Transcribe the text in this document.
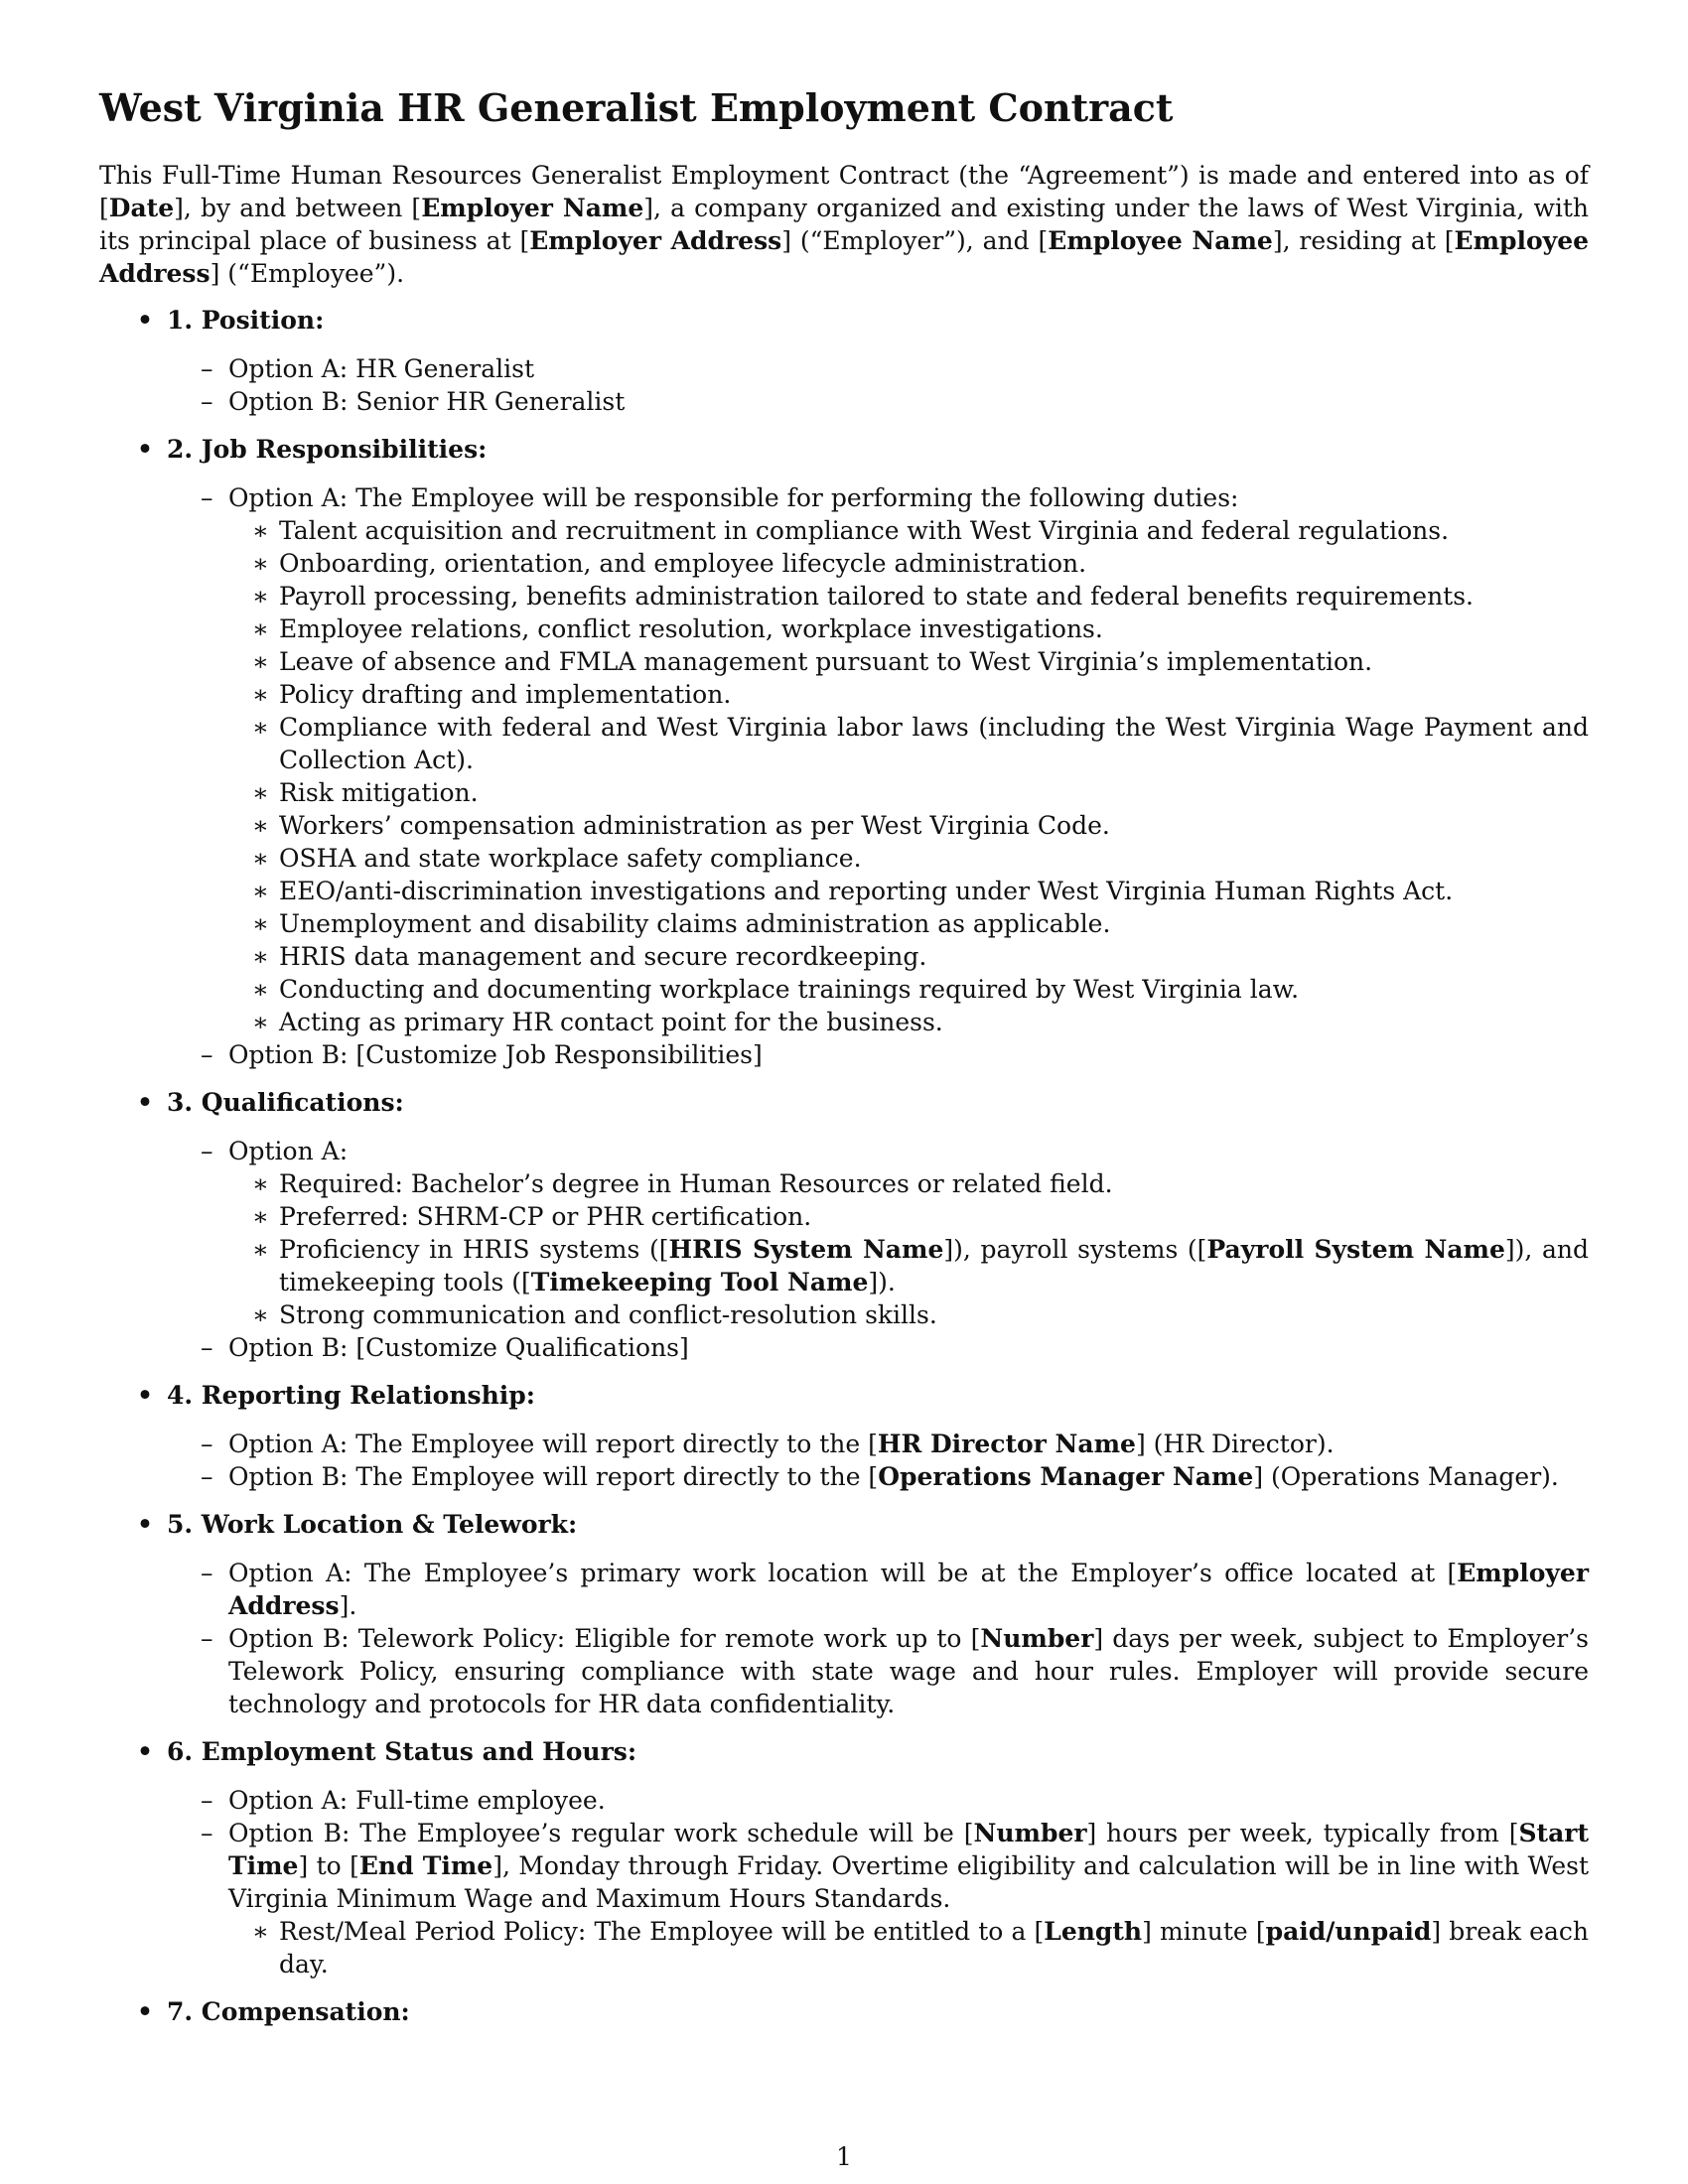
West Virginia HR Generalist Employment Contract

This Full-Time Human Resources Generalist Employment Contract (the “Agreement”) is made and entered into as of [Date], by and between [Employer Name], a company organized and existing under the laws of West Virginia, with its principal place of business at [Employer Address] (“Employer”), and [Employee Name], residing at [Employee Address] (“Employee”).

• 1. Position:
– Option A: HR Generalist
– Option B: Senior HR Generalist
• 2. Job Responsibilities:
– Option A: The Employee will be responsible for performing the following duties:
∗ Talent acquisition and recruitment in compliance with West Virginia and federal regulations.
∗ Onboarding, orientation, and employee lifecycle administration.
∗ Payroll processing, benefits administration tailored to state and federal benefits requirements.
∗ Employee relations, conflict resolution, workplace investigations.
∗ Leave of absence and FMLA management pursuant to West Virginia’s implementation.
∗ Policy drafting and implementation.
∗ Compliance with federal and West Virginia labor laws (including the West Virginia Wage Payment and Collection Act).
∗ Risk mitigation.
∗ Workers’ compensation administration as per West Virginia Code.
∗ OSHA and state workplace safety compliance.
∗ EEO/anti-discrimination investigations and reporting under West Virginia Human Rights Act.
∗ Unemployment and disability claims administration as applicable.
∗ HRIS data management and secure recordkeeping.
∗ Conducting and documenting workplace trainings required by West Virginia law.
∗ Acting as primary HR contact point for the business.
– Option B: [Customize Job Responsibilities]
• 3. Qualifications:
– Option A:
∗ Required: Bachelor’s degree in Human Resources or related field.
∗ Preferred: SHRM-CP or PHR certification.
∗ Proficiency in HRIS systems ([HRIS System Name]), payroll systems ([Payroll System Name]), and timekeeping tools ([Timekeeping Tool Name]).
∗ Strong communication and conflict-resolution skills.
– Option B: [Customize Qualifications]
• 4. Reporting Relationship:
– Option A: The Employee will report directly to the [HR Director Name] (HR Director).
– Option B: The Employee will report directly to the [Operations Manager Name] (Operations Manager).
• 5. Work Location & Telework:
– Option A: The Employee’s primary work location will be at the Employer’s office located at [Employer Address].
– Option B: Telework Policy: Eligible for remote work up to [Number] days per week, subject to Employer’s Telework Policy, ensuring compliance with state wage and hour rules. Employer will provide secure technology and protocols for HR data confidentiality.
• 6. Employment Status and Hours:
– Option A: Full-time employee.
– Option B: The Employee’s regular work schedule will be [Number] hours per week, typically from [Start Time] to [End Time], Monday through Friday. Overtime eligibility and calculation will be in line with West Virginia Minimum Wage and Maximum Hours Standards.
∗ Rest/Meal Period Policy: The Employee will be entitled to a [Length] minute [paid/unpaid] break each day.
• 7. Compensation:
1
